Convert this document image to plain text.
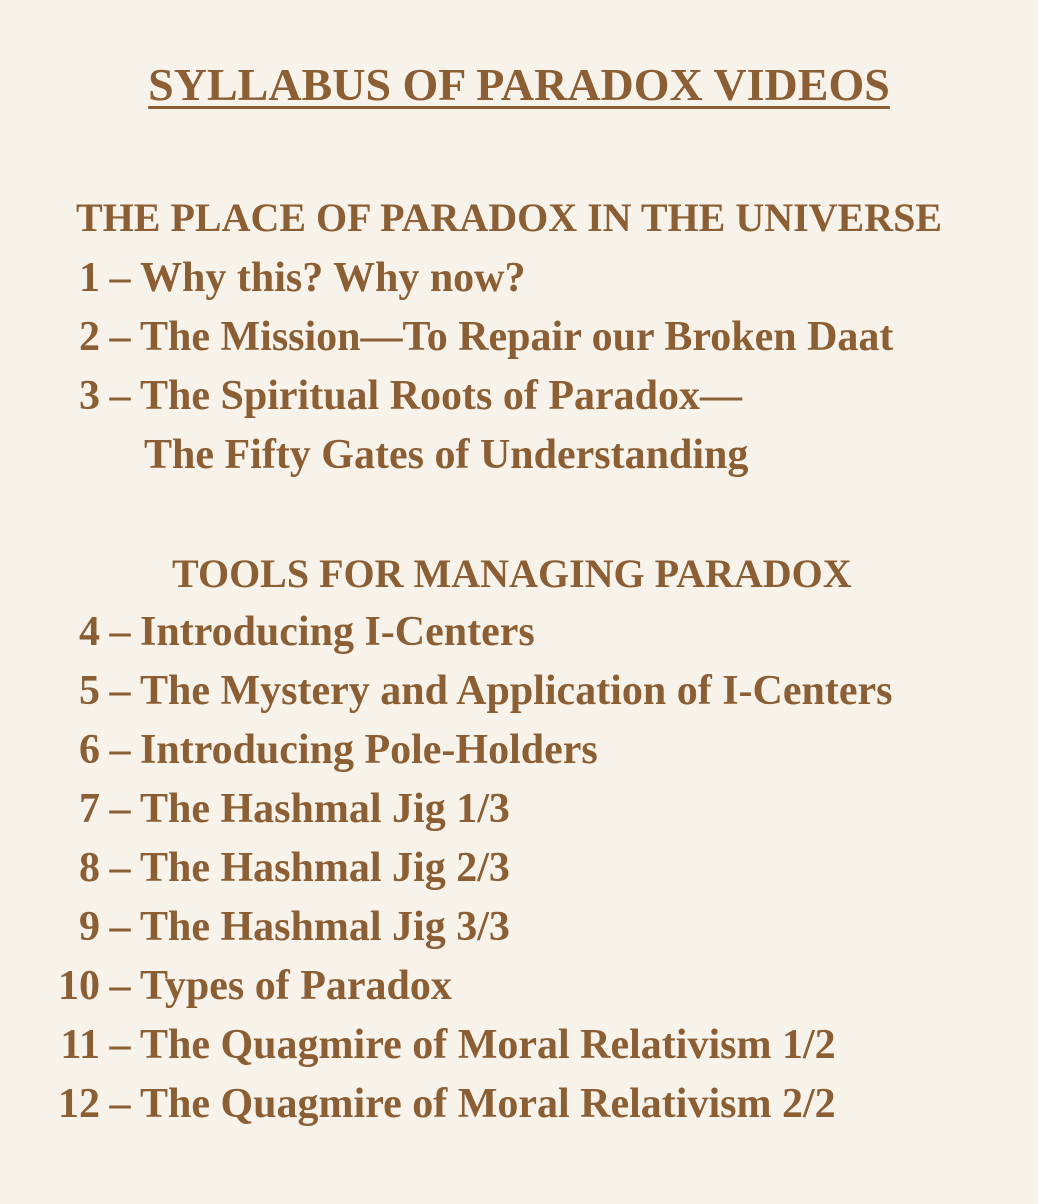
SYLLABUS OF PARADOX VIDEOS
THE PLACE OF PARADOX IN THE UNIVERSE
1 – Why this? Why now?
2 – The Mission—To Repair our Broken Daat
3 – The Spiritual Roots of Paradox—
The Fifty Gates of Understanding
TOOLS FOR MANAGING PARADOX
4 – Introducing I-Centers
5 – The Mystery and Application of I-Centers
6 – Introducing Pole-Holders
7 – The Hashmal Jig 1/3
8 – The Hashmal Jig 2/3
9 – The Hashmal Jig 3/3
10 – Types of Paradox
11 – The Quagmire of Moral Relativism 1/2
12 – The Quagmire of Moral Relativism 2/2
